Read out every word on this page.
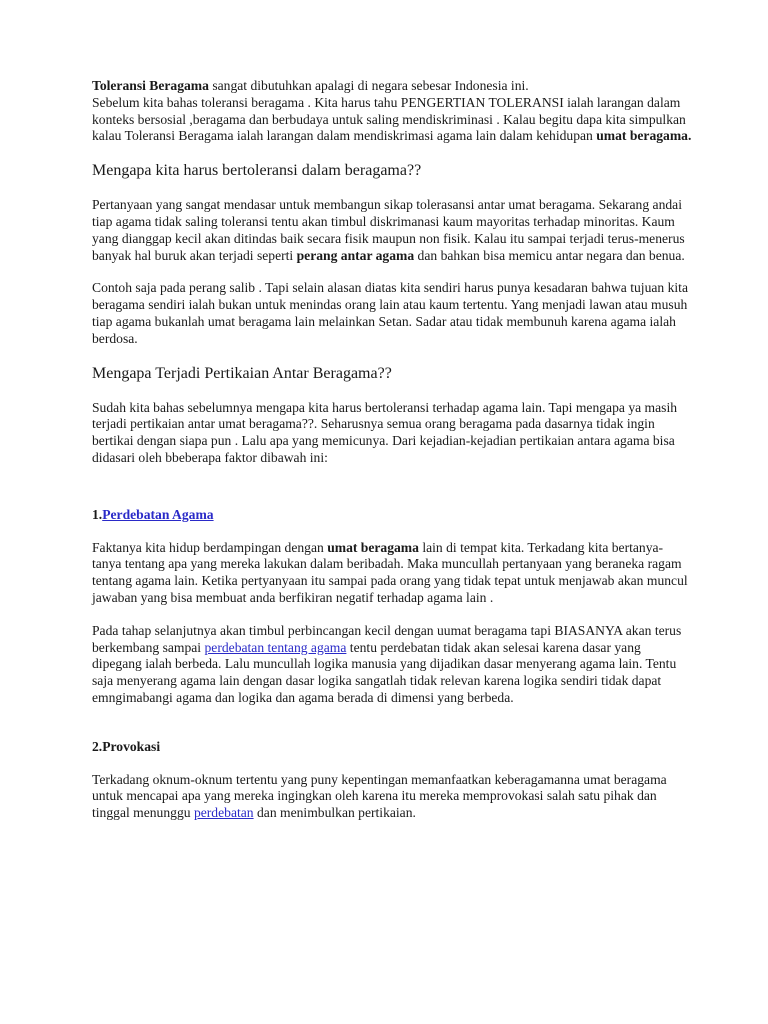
Toleransi Beragama sangat dibutuhkan apalagi di negara sebesar Indonesia ini.
Sebelum kita bahas toleransi beragama . Kita harus tahu PENGERTIAN TOLERANSI ialah larangan dalam konteks bersosial ,beragama dan berbudaya untuk saling mendiskriminasi . Kalau begitu dapa kita simpulkan kalau Toleransi Beragama ialah larangan dalam mendiskrimasi agama lain dalam kehidupan umat beragama.

Mengapa kita harus bertoleransi dalam beragama??

Pertanyaan yang sangat mendasar untuk membangun sikap tolerasansi antar umat beragama. Sekarang andai tiap agama tidak saling toleransi tentu akan timbul diskrimanasi kaum mayoritas terhadap minoritas. Kaum yang dianggap kecil akan ditindas baik secara fisik maupun non fisik. Kalau itu sampai terjadi terus-menerus banyak hal buruk akan terjadi seperti perang antar agama dan bahkan bisa memicu antar negara dan benua.

Contoh saja pada perang salib . Tapi selain alasan diatas kita sendiri harus punya kesadaran bahwa tujuan kita beragama sendiri ialah bukan untuk menindas orang lain atau kaum tertentu. Yang menjadi lawan atau musuh tiap agama bukanlah umat beragama lain melainkan Setan. Sadar atau tidak membunuh karena agama ialah berdosa.

Mengapa Terjadi Pertikaian Antar Beragama??

Sudah kita bahas sebelumnya mengapa kita harus bertoleransi terhadap agama lain. Tapi mengapa ya masih terjadi pertikaian antar umat beragama??. Seharusnya semua orang beragama pada dasarnya tidak ingin bertikai dengan siapa pun . Lalu apa yang memicunya. Dari kejadian-kejadian pertikaian antara agama bisa didasari oleh bbeberapa faktor dibawah ini:

1.Perdebatan Agama

Faktanya kita hidup berdampingan dengan umat beragama lain di tempat kita. Terkadang kita bertanya-tanya tentang apa yang mereka lakukan dalam beribadah. Maka muncullah pertanyaan yang beraneka ragam tentang agama lain. Ketika pertyanyaan itu sampai pada orang yang tidak tepat untuk menjawab akan muncul jawaban yang bisa membuat anda berfikiran negatif terhadap agama lain .

Pada tahap selanjutnya akan timbul perbincangan kecil dengan uumat beragama tapi BIASANYA akan terus berkembang sampai perdebatan tentang agama tentu perdebatan tidak akan selesai karena dasar yang dipegang ialah berbeda. Lalu muncullah logika manusia yang dijadikan dasar menyerang agama lain. Tentu saja menyerang agama lain dengan dasar logika sangatlah tidak relevan karena logika sendiri tidak dapat emngimabangi agama dan logika dan agama berada di dimensi yang berbeda.

2.Provokasi

Terkadang oknum-oknum tertentu yang puny kepentingan memanfaatkan keberagamanna umat beragama untuk mencapai apa yang mereka ingingkan oleh karena itu mereka memprovokasi salah satu pihak dan tinggal menunggu perdebatan dan menimbulkan pertikaian.
